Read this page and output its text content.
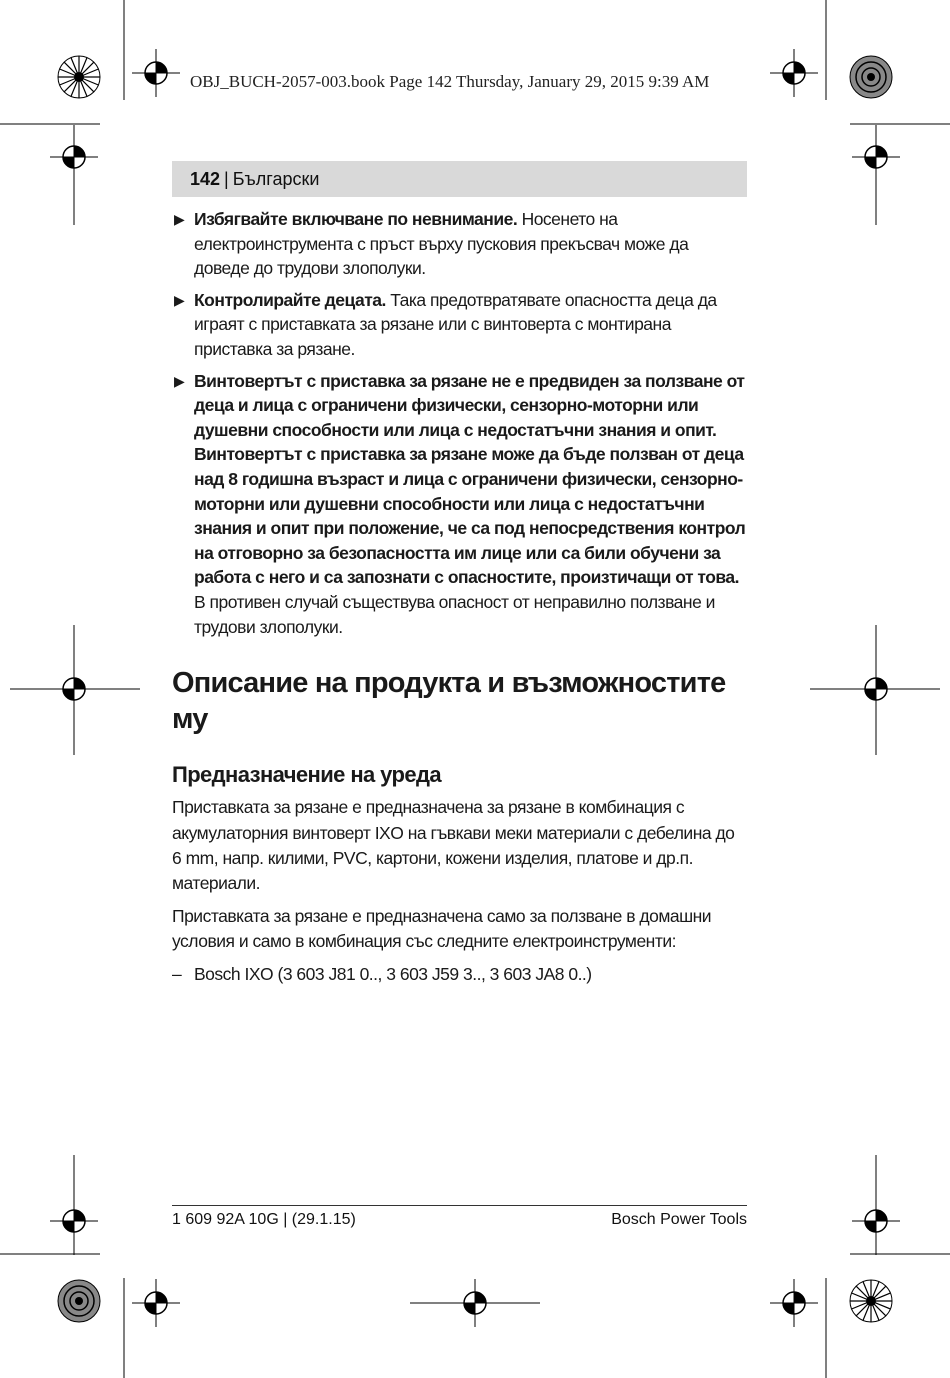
OBJ_BUCH-2057-003.book Page 142 Thursday, January 29, 2015 9:39 AM
142 | Български
▶ Избягвайте включване по невнимание. Носенето на електроинструмента с пръст върху пусковия прекъсвач може да доведе до трудови злополуки.
▶ Контролирайте децата. Така предотвратявате опасността деца да играят с приставката за рязане или с винтоверта с монтирана приставка за рязане.
▶ Винтовертът с приставка за рязане не е предвиден за ползване от деца и лица с ограничени физически, сензорно-моторни или душевни способности или лица с недостатъчни знания и опит. Винтовертът с приставка за рязане може да бъде ползван от деца над 8 годишна възраст и лица с ограничени физически, сензорно-моторни или душевни способности или лица с недостатъчни знания и опит при положение, че са под непосредствения контрол на отговорно за безопасността им лице или са били обучени за работа с него и са запознати с опасностите, произтичащи от това. В противен случай съществува опасност от неправилно ползване и трудови злополуки.
Описание на продукта и възможностите му
Предназначение на уреда

Приставката за рязане е предназначена за рязане в комбинация с акумулаторния винтоверт IXO на гъвкави меки материали с дебелина до 6 mm, напр. килими, PVC, картони, кожени изделия, платове и др.п. материали.

Приставката за рязане е предназначена само за ползване в домашни условия и само в комбинация със следните електроинструменти:

– Bosch IXO (3 603 J81 0.., 3 603 J59 3.., 3 603 JA8 0..)
1 609 92A 10G | (29.1.15)	Bosch Power Tools
